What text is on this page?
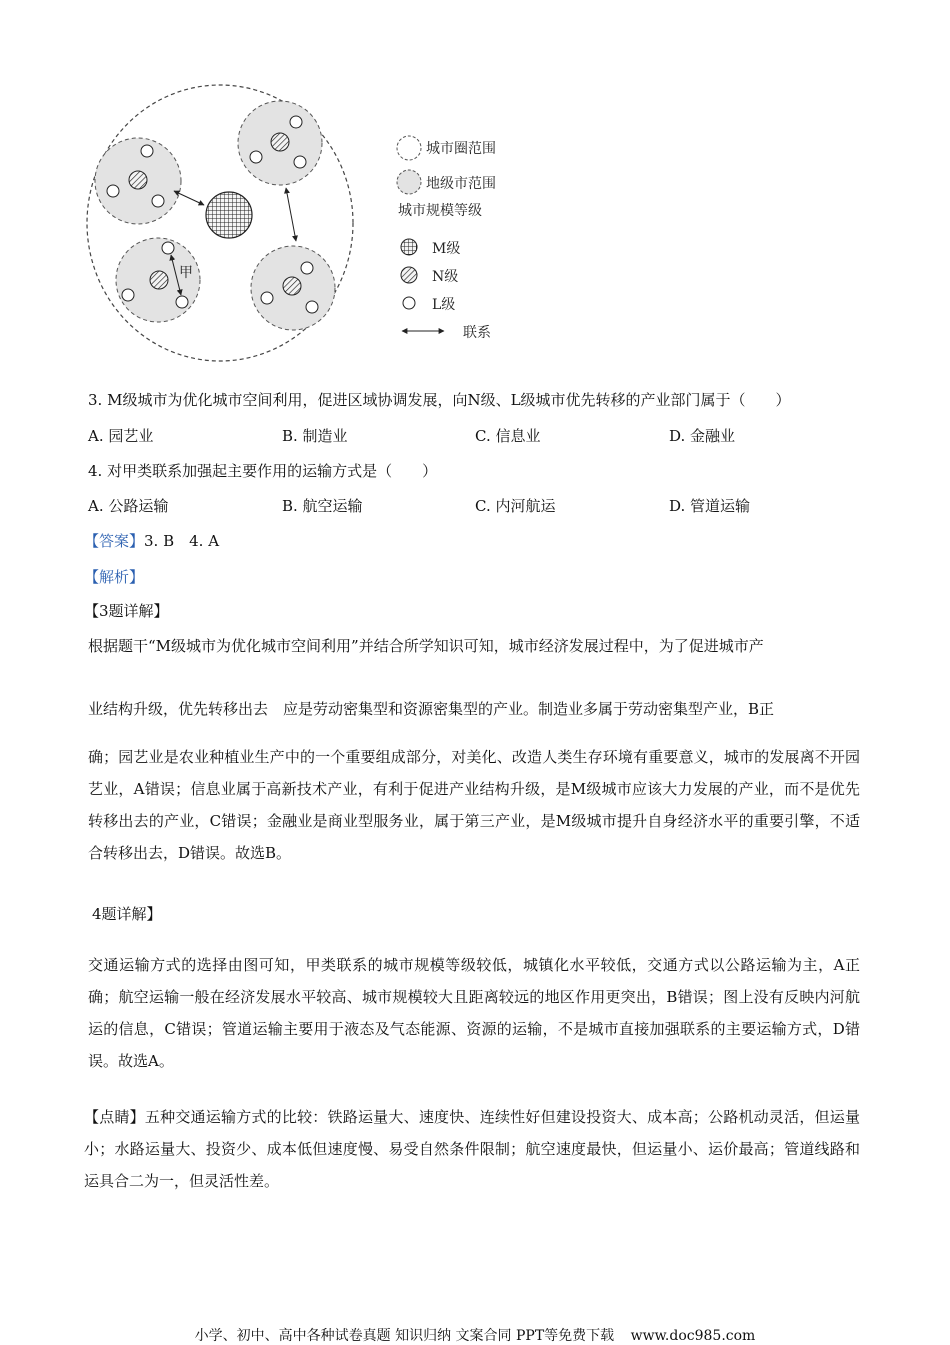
甲
城市圈范围
地级市范围
城市规模等级
M级
N级
L级
联系
3. M级城市为优化城市空间利用，促进区域协调发展，向N级、L级城市优先转移的产业部门属于（　　）
A. 园艺业	B. 制造业	C. 信息业	D. 金融业
4. 对甲类联系加强起主要作用的运输方式是（　　）
A. 公路运输	B. 航空运输	C. 内河航运	D. 管道运输
【答案】3. B　4. A
【解析】
【3题详解】
根据题干“M级城市为优化城市空间利用”并结合所学知识可知，城市经济发展过程中，为了促进城市产
业结构升级，优先转移出去　应是劳动密集型和资源密集型的产业。制造业多属于劳动密集型产业，B正
确；园艺业是农业种植业生产中的一个重要组成部分，对美化、改造人类生存环境有重要意义，城市的发展离不开园艺业，A错误；信息业属于高新技术产业，有利于促进产业结构升级，是M级城市应该大力发展的产业，而不是优先转移出去的产业，C错误；金融业是商业型服务业，属于第三产业，是M级城市提升自身经济水平的重要引擎，不适合转移出去，D错误。故选B。
4题详解】
交通运输方式的选择由图可知，甲类联系的城市规模等级较低，城镇化水平较低，交通方式以公路运输为主，A正确；航空运输一般在经济发展水平较高、城市规模较大且距离较远的地区作用更突出，B错误；图上没有反映内河航运的信息，C错误；管道运输主要用于液态及气态能源、资源的运输，不是城市直接加强联系的主要运输方式，D错误。故选A。
【点睛】五种交通运输方式的比较：铁路运量大、速度快、连续性好但建设投资大、成本高；公路机动灵活，但运量小；水路运量大、投资少、成本低但速度慢、易受自然条件限制；航空速度最快，但运量小、运价最高；管道线路和运具合二为一，但灵活性差。
小学、初中、高中各种试卷真题 知识归纳 文案合同 PPT等免费下载 www.doc985.com
